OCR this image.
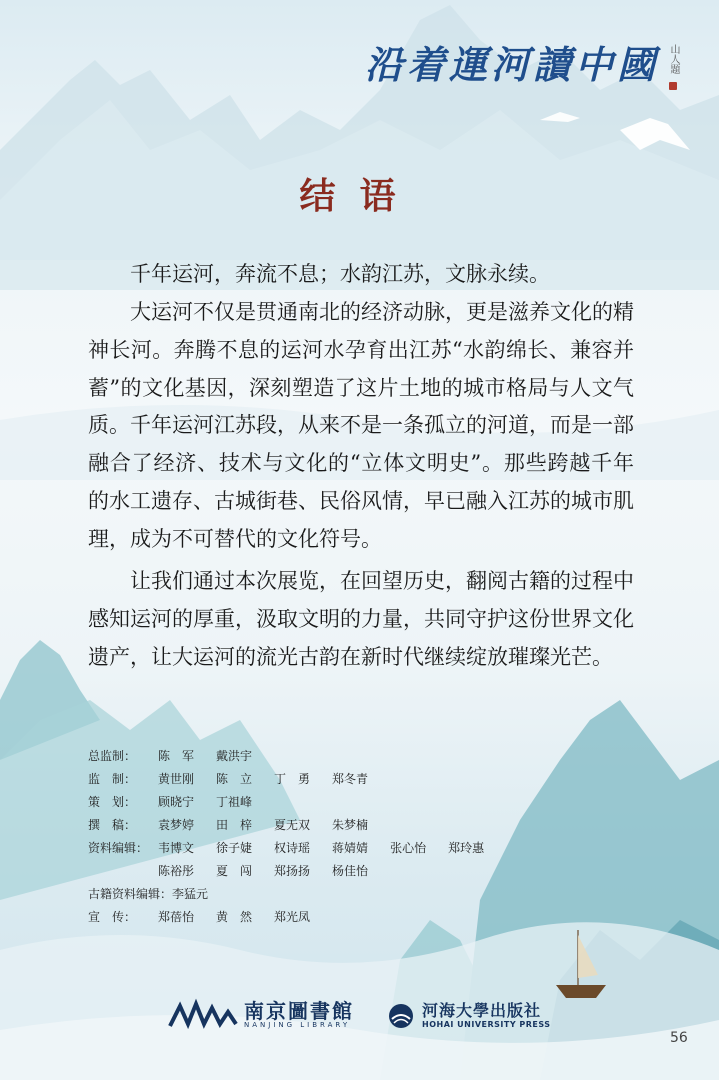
沿着運河讀中國 山人題
结语

千年运河，奔流不息；水韵江苏，文脉永续。

大运河不仅是贯通南北的经济动脉，更是滋养文化的精神长河。奔腾不息的运河水孕育出江苏“水韵绵长、兼容并蓄”的文化基因，深刻塑造了这片土地的城市格局与人文气质。千年运河江苏段，从来不是一条孤立的河道，而是一部融合了经济、技术与文化的“立体文明史”。那些跨越千年的水工遗存、古城街巷、民俗风情，早已融入江苏的城市肌理，成为不可替代的文化符号。

让我们通过本次展览，在回望历史，翻阅古籍的过程中感知运河的厚重，汲取文明的力量，共同守护这份世界文化遗产，让大运河的流光古韵在新时代继续绽放璀璨光芒。

总监制：	陈　军 戴洪宇
监　制：	黄世刚 陈　立 丁　勇 郑冬青
策　划：	顾晓宁 丁祖峰
撰　稿：	袁梦婷 田　梓 夏无双 朱梦楠
资料编辑： 韦博文 徐子婕 权诗瑶 蒋婧婧 张心怡 郑玲惠
陈裕彤 夏　闯 郑扬扬 杨佳怡
古籍资料编辑： 李猛元
宣　传：	郑蓓怡 黄　然 郑光凤
南京圖書館
NANJING LIBRARY
河海大學出版社
HOHAI UNIVERSITY PRESS
56
